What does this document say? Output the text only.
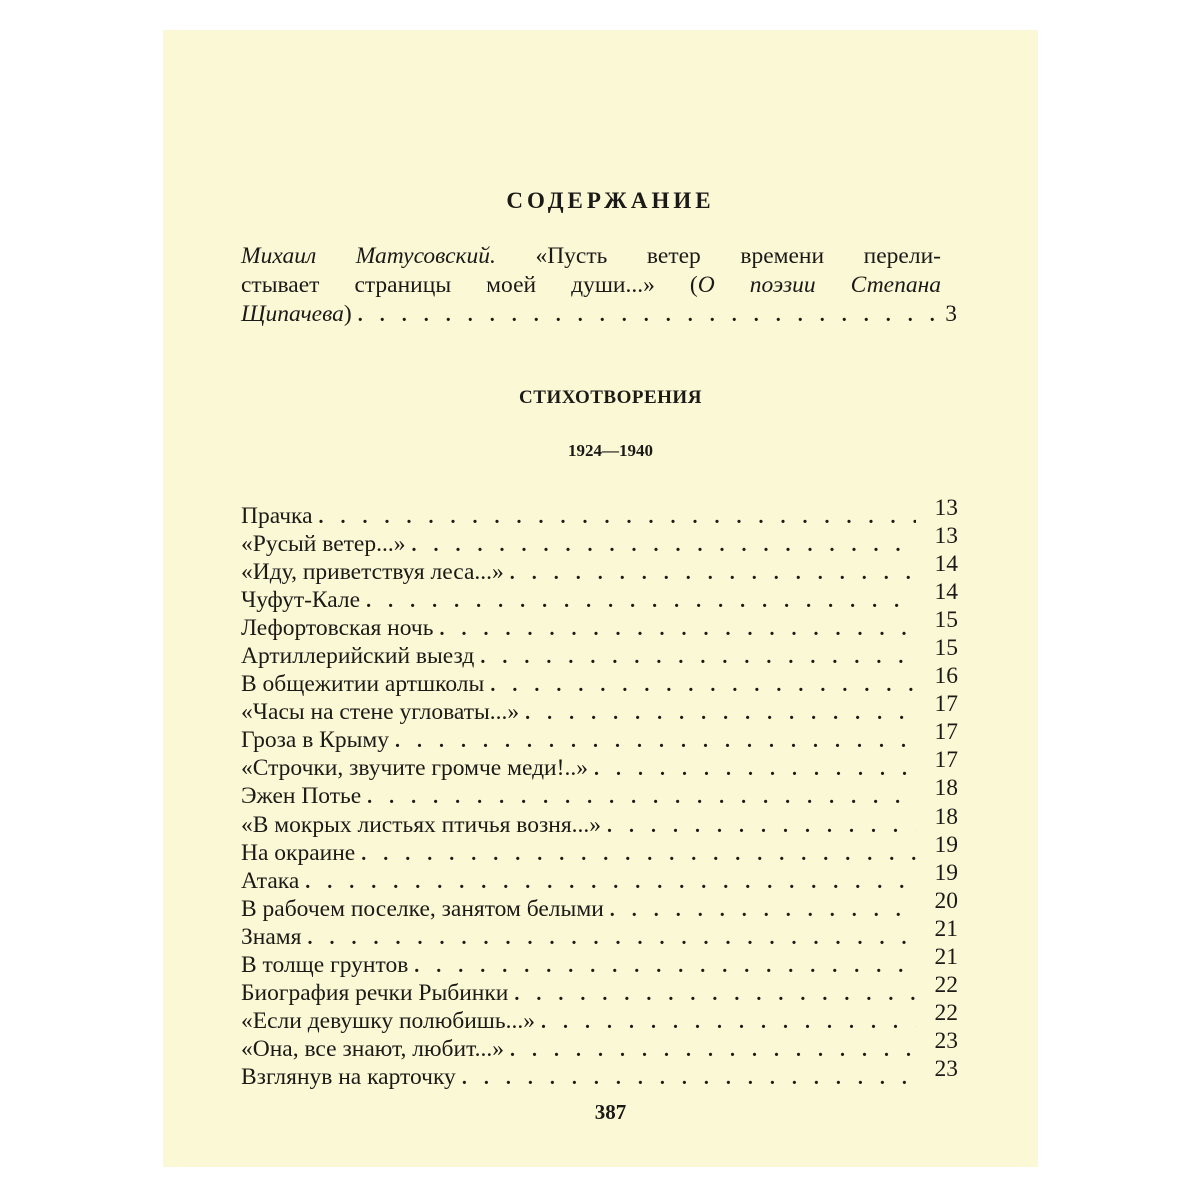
СОДЕРЖАНИЕ
Михаил Матусовский. «Пусть ветер времени перели-
стывает страницы моей души...» (О поэзии Степана
Щипачева ) .....	3
СТИХОТВОРЕНИЯ
1924—1940
Прачка .....	13
«Русый ветер...» .....	13
«Иду, приветствуя леса...» .....	14
Чуфут-Кале .....	14
Лефортовская ночь .....	15
Артиллерийский выезд .....	15
В общежитии артшколы .....	16
«Часы на стене угловаты...» .....	17
Гроза в Крыму .....	17
«Строчки, звучите громче меди!..» .....	17
Эжен Потье .....	18
«В мокрых листьях птичья возня...» .....	18
На окраине .....	19
Атака .....	19
В рабочем поселке, занятом белыми .....	20
Знамя .....	21
В толще грунтов .....	21
Биография речки Рыбинки .....	22
«Если девушку полюбишь...» .....	22
«Она, все знают, любит...» .....	23
Взглянув на карточку .....	23
387
